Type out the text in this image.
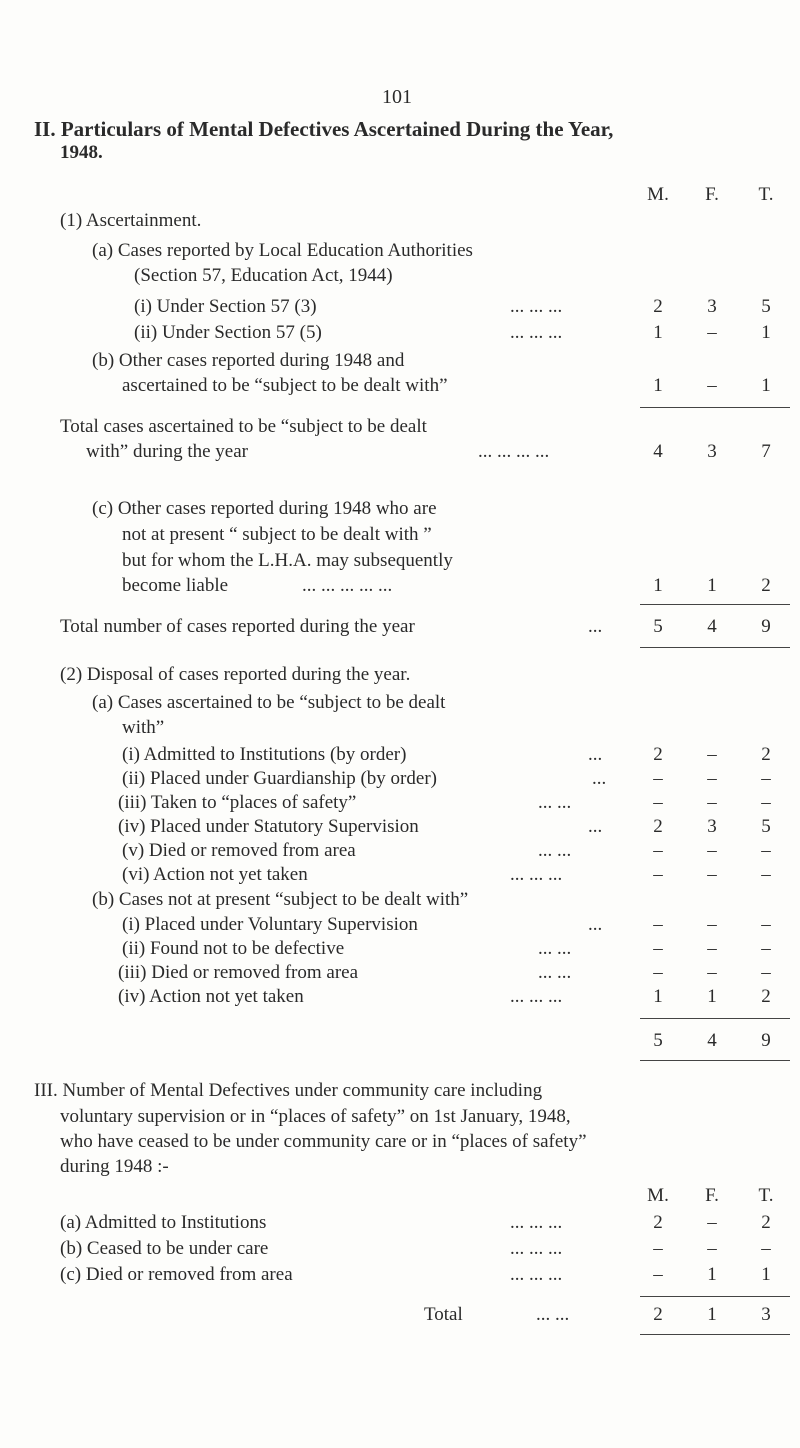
101
II. Particulars of Mental Defectives Ascertained During the Year,
1948.
M. F. T.
(1) Ascertainment.
(a) Cases reported by Local Education Authorities
(Section 57, Education Act, 1944)
(i) Under Section 57 (3)	... ... ...	2	3	5
(ii) Under Section 57 (5)	... ... ...	1	–	1
(b) Other cases reported during 1948 and
ascertained to be “subject to be dealt with”	1	–	1
Total cases ascertained to be “subject to be dealt
with” during the year	... ... ... ...	4	3	7
(c) Other cases reported during 1948 who are
not at present “ subject to be dealt with ”
but for whom the L.H.A. may subsequently
become liable	... ... ... ... ...	1	1	2
Total number of cases reported during the year	...	5	4	9
(2) Disposal of cases reported during the year.
(a) Cases ascertained to be “subject to be dealt
with”
(i) Admitted to Institutions (by order)	...	2	–	2
(ii) Placed under Guardianship (by order)	...	–	–	–
(iii) Taken to “places of safety”	... ...	–	–	–
(iv) Placed under Statutory Supervision	...	2	3	5
(v) Died or removed from area	... ...	–	–	–
(vi) Action not yet taken	... ... ...	–	–	–
(b) Cases not at present “subject to be dealt with”
(i) Placed under Voluntary Supervision	...	–	–	–
(ii) Found not to be defective	... ...	–	–	–
(iii) Died or removed from area	... ...	–	–	–
(iv) Action not yet taken	... ... ...	1	1	2
5	4	9
III. Number of Mental Defectives under community care including
voluntary supervision or in “places of safety” on 1st January, 1948,
who have ceased to be under community care or in “places of safety”
during 1948 :-
M. F. T.
(a) Admitted to Institutions	... ... ...	2	–	2
(b) Ceased to be under care	... ... ...	–	–	–
(c) Died or removed from area	... ... ...	–	1	1
Total	... ...	2	1	3
